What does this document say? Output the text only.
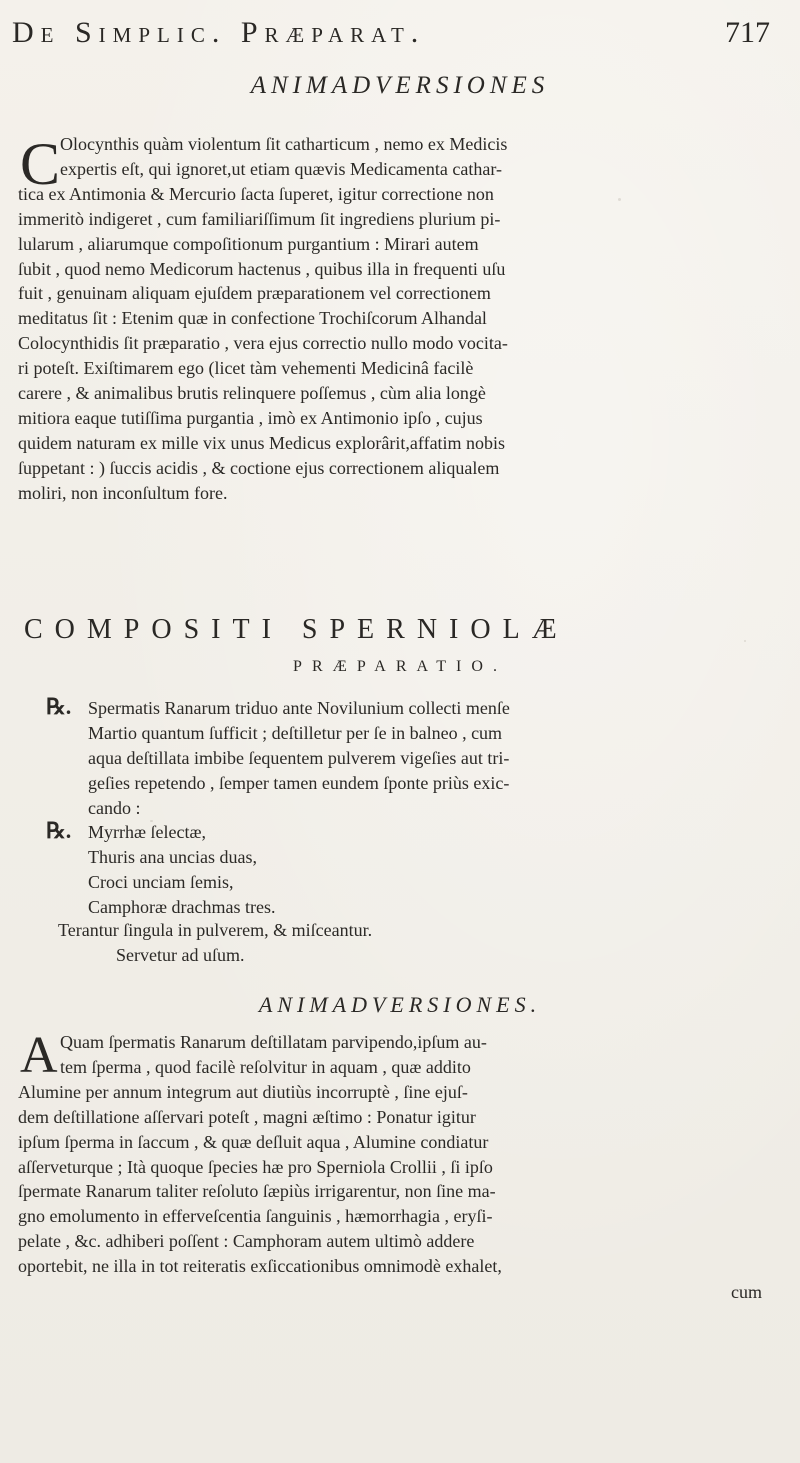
De Simplic. Præparat.	717
ANIMADVERSIONES
C Olocynthis quàm violentum ſit catharticum , nemo ex Medicis
expertis eſt, qui ignoret,ut etiam quævis Medicamenta cathar-
tica ex Antimonia & Mercurio ſacta ſuperet, igitur correctione non
immeritò indigeret , cum familiariſſimum ſit ingrediens plurium pi-
lularum , aliarumque compoſitionum purgantium : Mirari autem
ſubit , quod nemo Medicorum hactenus , quibus illa in frequenti uſu
fuit , genuinam aliquam ejuſdem præparationem vel correctionem
meditatus ſit : Etenim quæ in confectione Trochiſcorum Alhandal
Colocynthidis ſit præparatio , vera ejus correctio nullo modo vocita-
ri poteſt. Exiſtimarem ego (licet tàm vehementi Medicinâ facilè
carere , & animalibus brutis relinquere poſſemus , cùm alia longè
mitiora eaque tutiſſima purgantia , imò ex Antimonio ipſo , cujus
quidem naturam ex mille vix unus Medicus explorârit,affatim nobis
ſuppetant : ) ſuccis acidis , & coctione ejus correctionem aliqualem
moliri, non inconſultum fore.
COMPOSITI SPERNIOLÆ
PRÆPARATIO.
℞. Spermatis Ranarum triduo ante Novilunium collecti menſe
Martio quantum ſufficit ; deſtilletur per ſe in balneo , cum
aqua deſtillata imbibe ſequentem pulverem vigeſies aut tri-
geſies repetendo , ſemper tamen eundem ſponte priùs exic-
cando :
℞. Myrrhæ ſelectæ,
Thuris ana uncias duas,
Croci unciam ſemis,
Camphoræ drachmas tres.
Terantur ſingula in pulverem, & miſceantur.
Servetur ad uſum.
ANIMADVERSIONES.
A Quam ſpermatis Ranarum deſtillatam parvipendo,ipſum au-
tem ſperma , quod facilè reſolvitur in aquam , quæ addito
Alumine per annum integrum aut diutiùs incorruptè , ſine ejuſ-
dem deſtillatione aſſervari poteſt , magni æſtimo : Ponatur igitur
ipſum ſperma in ſaccum , & quæ deſluit aqua , Alumine condiatur
aſſerveturque ; Ità quoque ſpecies hæ pro Sperniola Crollii , ſi ipſo
ſpermate Ranarum taliter reſoluto ſæpiùs irrigarentur, non ſine ma-
gno emolumento in efferveſcentia ſanguinis , hæmorrhagia , eryſi-
pelate , &c. adhiberi poſſent : Camphoram autem ultimò addere
oportebit, ne illa in tot reiteratis exſiccationibus omnimodè exhalet,
cum
